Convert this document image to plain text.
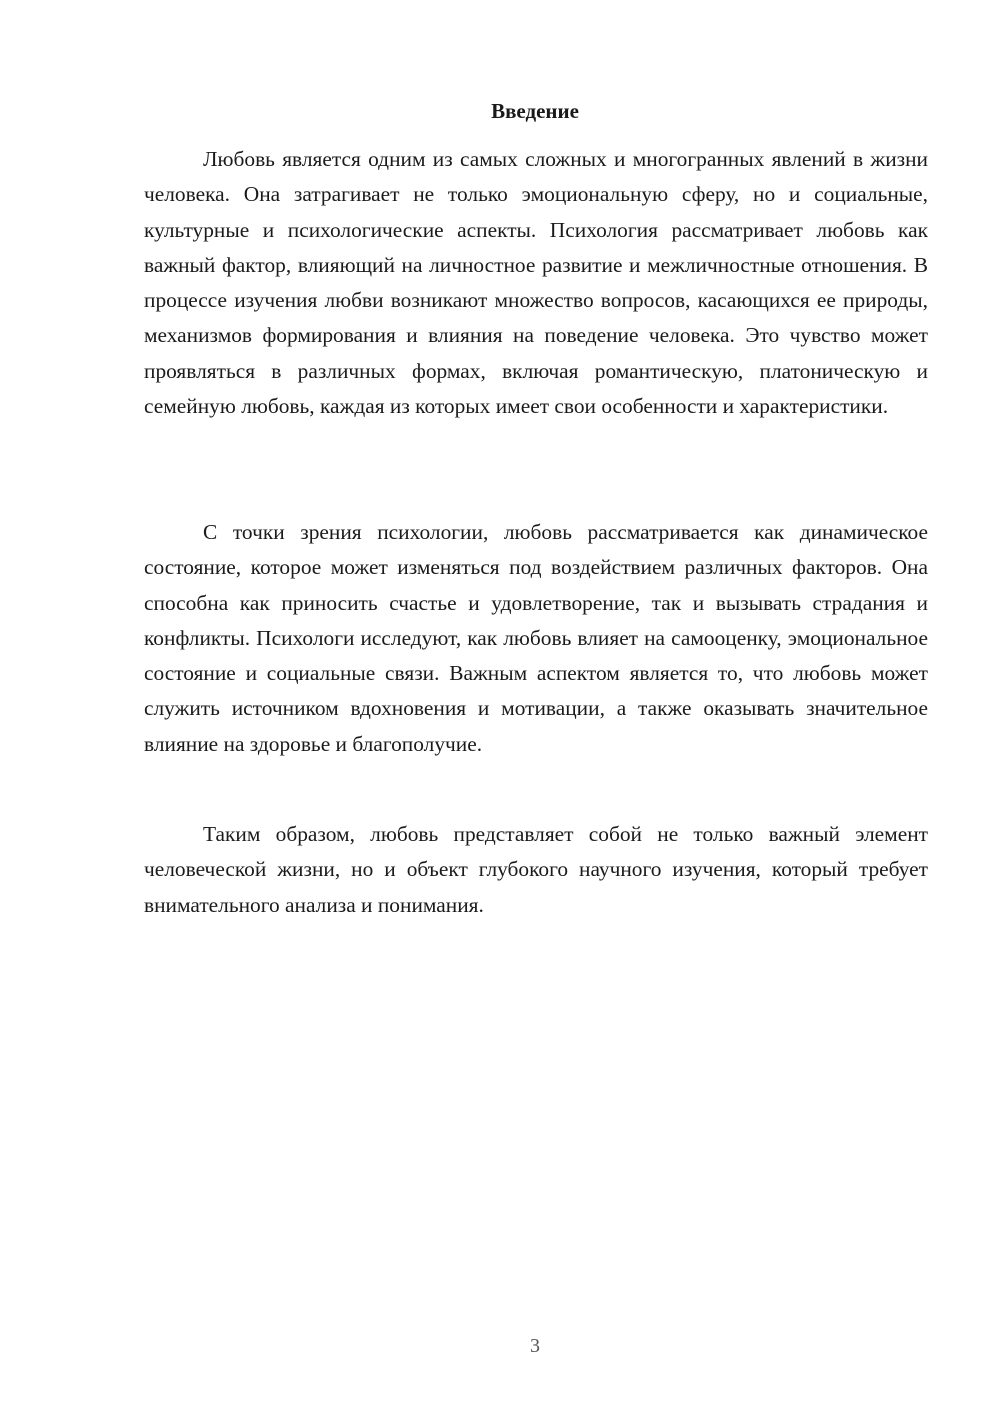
Введение

Любовь является одним из самых сложных и многогранных явлений в жизни человека. Она затрагивает не только эмоциональную сферу, но и социальные, культурные и психологические аспекты. Психология рассматривает любовь как важный фактор, влияющий на личностное развитие и межличностные отношения. В процессе изучения любви возникают множество вопросов, касающихся ее природы, механизмов формирования и влияния на поведение человека. Это чувство может проявляться в различных формах, включая романтическую, платоническую и семейную любовь, каждая из которых имеет свои особенности и характеристики.

С точки зрения психологии, любовь рассматривается как динамическое состояние, которое может изменяться под воздействием различных факторов. Она способна как приносить счастье и удовлетворение, так и вызывать страдания и конфликты. Психологи исследуют, как любовь влияет на самооценку, эмоциональное состояние и социальные связи. Важным аспектом является то, что любовь может служить источником вдохновения и мотивации, а также оказывать значительное влияние на здоровье и благополучие.

Таким образом, любовь представляет собой не только важный элемент человеческой жизни, но и объект глубокого научного изучения, который требует внимательного анализа и понимания.

3
